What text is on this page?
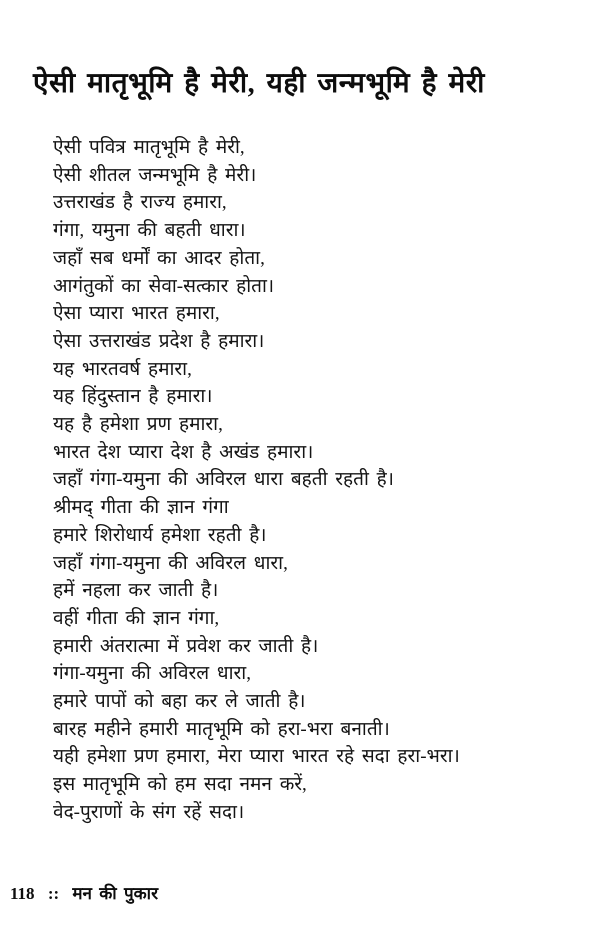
ऐसी मातृभूमि है मेरी, यही जन्मभूमि है मेरी
ऐसी पवित्र मातृभूमि है मेरी,
ऐसी शीतल जन्मभूमि है मेरी।
उत्तराखंड है राज्य हमारा,
गंगा, यमुना की बहती धारा।
जहाँ सब धर्मों का आदर होता,
आगंतुकों का सेवा-सत्कार होता।
ऐसा प्यारा भारत हमारा,
ऐसा उत्तराखंड प्रदेश है हमारा।
यह भारतवर्ष हमारा,
यह हिंदुस्तान है हमारा।
यह है हमेशा प्रण हमारा,
भारत देश प्यारा देश है अखंड हमारा।
जहाँ गंगा-यमुना की अविरल धारा बहती रहती है।
श्रीमद् गीता की ज्ञान गंगा
हमारे शिरोधार्य हमेशा रहती है।
जहाँ गंगा-यमुना की अविरल धारा,
हमें नहला कर जाती है।
वहीं गीता की ज्ञान गंगा,
हमारी अंतरात्मा में प्रवेश कर जाती है।
गंगा-यमुना की अविरल धारा,
हमारे पापों को बहा कर ले जाती है।
बारह महीने हमारी मातृभूमि को हरा-भरा बनाती।
यही हमेशा प्रण हमारा, मेरा प्यारा भारत रहे सदा हरा-भरा।
इस मातृभूमि को हम सदा नमन करें,
वेद-पुराणों के संग रहें सदा।
118 :: मन की पुकार
